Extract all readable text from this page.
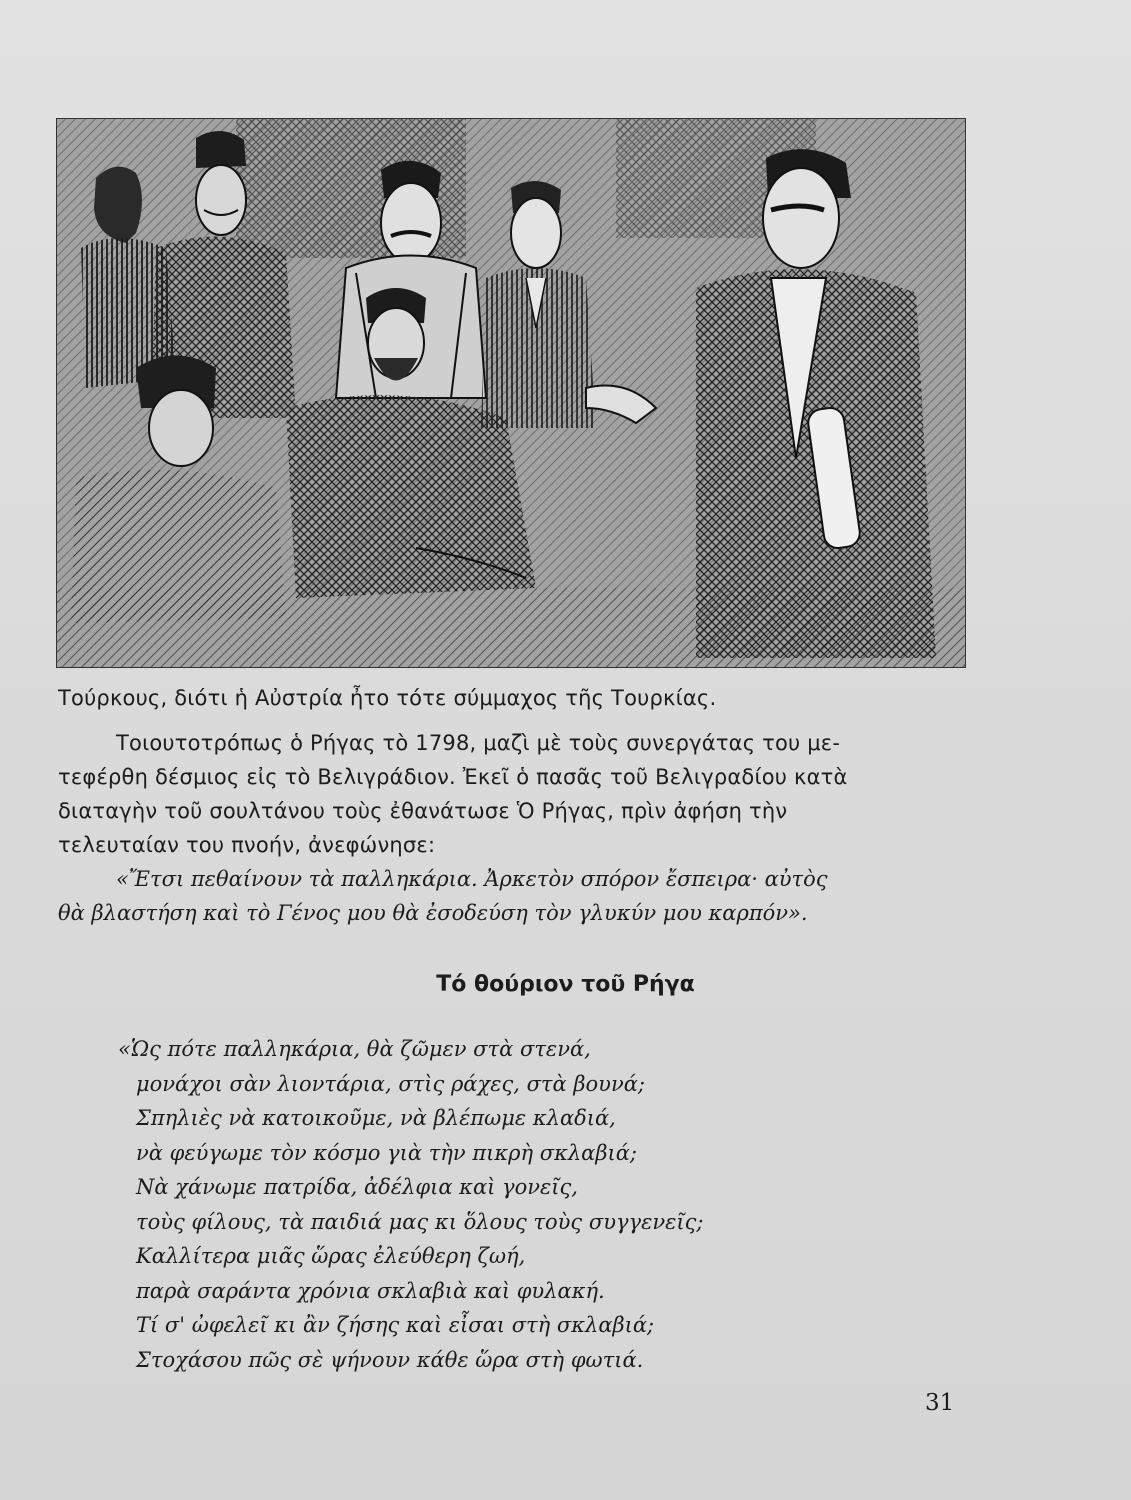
Τούρκους, διότι ἡ Αὐστρία ἦτο τότε σύμμαχος τῆς Τουρκίας.

Τοιουτοτρόπως ὁ Ρήγας τὸ 1798, μαζὶ μὲ τοὺς συνεργάτας του με-
τεφέρθη δέσμιος εἰς τὸ Βελιγράδιον. Ἐκεῖ ὁ πασᾶς τοῦ Βελιγραδίου κατὰ
διαταγὴν τοῦ σουλτάνου τοὺς ἐθανάτωσε Ὁ Ρήγας, πρὶν ἀφήση τὴν
τελευταίαν του πνοήν, ἀνεφώνησε:

«Ἔτσι πεθαίνουν τὰ παλληκάρια. Ἀρκετὸν σπόρον ἔσπειρα· αὐτὸς
θὰ βλαστήση καὶ τὸ Γένος μου θὰ ἐσοδεύση τὸν γλυκύν μου καρπόν».

Τό θούριον τοῦ Ρήγα
«Ὡς πότε παλληκάρια, θὰ ζῶμεν στὰ στενά,
μονάχοι σὰν λιοντάρια, στὶς ράχες, στὰ βουνά;
Σπηλιὲς νὰ κατοικοῦμε, νὰ βλέπωμε κλαδιά,
νὰ φεύγωμε τὸν κόσμο γιὰ τὴν πικρὴ σκλαβιά;
Νὰ χάνωμε πατρίδα, ἀδέλφια καὶ γονεῖς,
τοὺς φίλους, τὰ παιδιά μας κι ὅλους τοὺς συγγενεῖς;
Καλλίτερα μιᾶς ὥρας ἐλεύθερη ζωή,
παρὰ σαράντα χρόνια σκλαβιὰ καὶ φυλακή.
Τί σ' ὠφελεῖ κι ἂν ζήσης καὶ εἶσαι στὴ σκλαβιά;
Στοχάσου πῶς σὲ ψήνουν κάθε ὥρα στὴ φωτιά.
31
